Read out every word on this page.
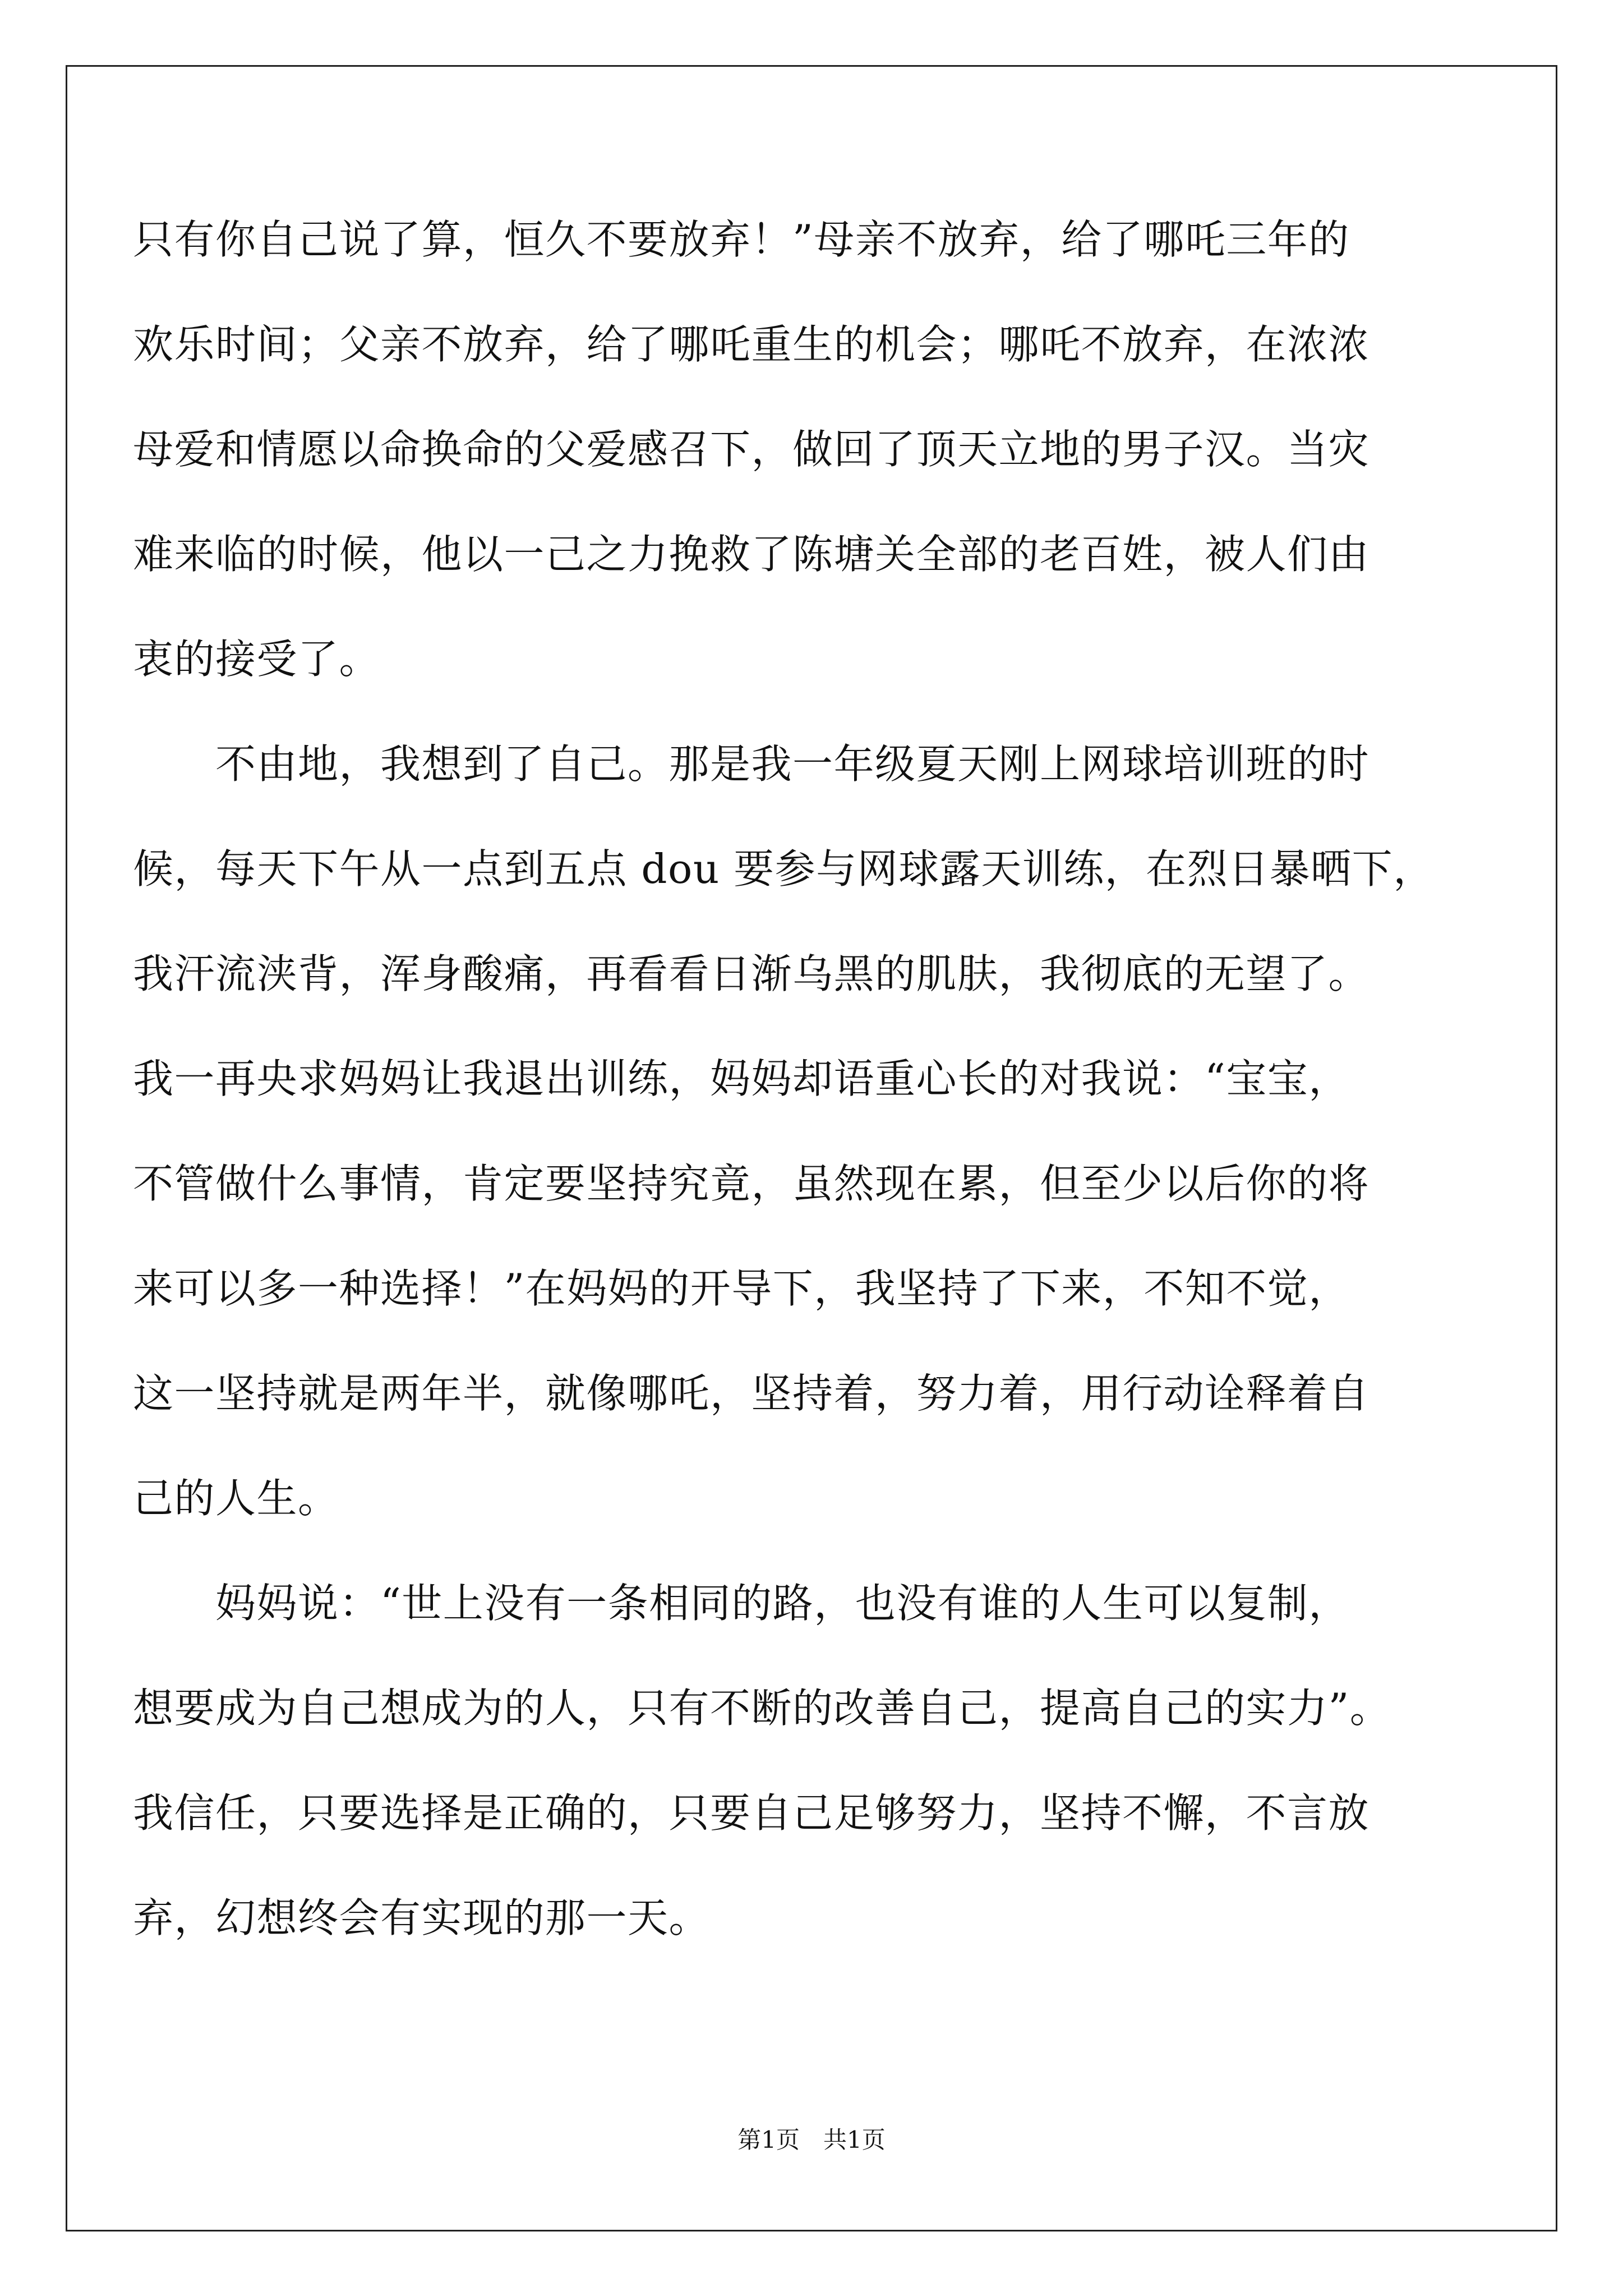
只有你自己说了算，恒久不要放弃！”母亲不放弃，给了哪吒三年的
欢乐时间；父亲不放弃，给了哪吒重生的机会；哪吒不放弃，在浓浓
母爱和情愿以命换命的父爱感召下，做回了顶天立地的男子汉。当灾
难来临的时候，他以一己之力挽救了陈塘关全部的老百姓，被人们由
衷的接受了。
　　不由地，我想到了自己。那是我一年级夏天刚上网球培训班的时
候，每天下午从一点到五点 dou 要参与网球露天训练，在烈日暴晒下，
我汗流浃背，浑身酸痛，再看看日渐乌黑的肌肤，我彻底的无望了。
我一再央求妈妈让我退出训练，妈妈却语重心长的对我说：“宝宝，
不管做什么事情，肯定要坚持究竟，虽然现在累，但至少以后你的将
来可以多一种选择！”在妈妈的开导下，我坚持了下来，不知不觉，
这一坚持就是两年半，就像哪吒，坚持着，努力着，用行动诠释着自
己的人生。
　　妈妈说：“世上没有一条相同的路，也没有谁的人生可以复制，
想要成为自己想成为的人，只有不断的改善自己，提高自己的实力”。
我信任，只要选择是正确的，只要自己足够努力，坚持不懈，不言放
弃，幻想终会有实现的那一天。
第1页　共1页
